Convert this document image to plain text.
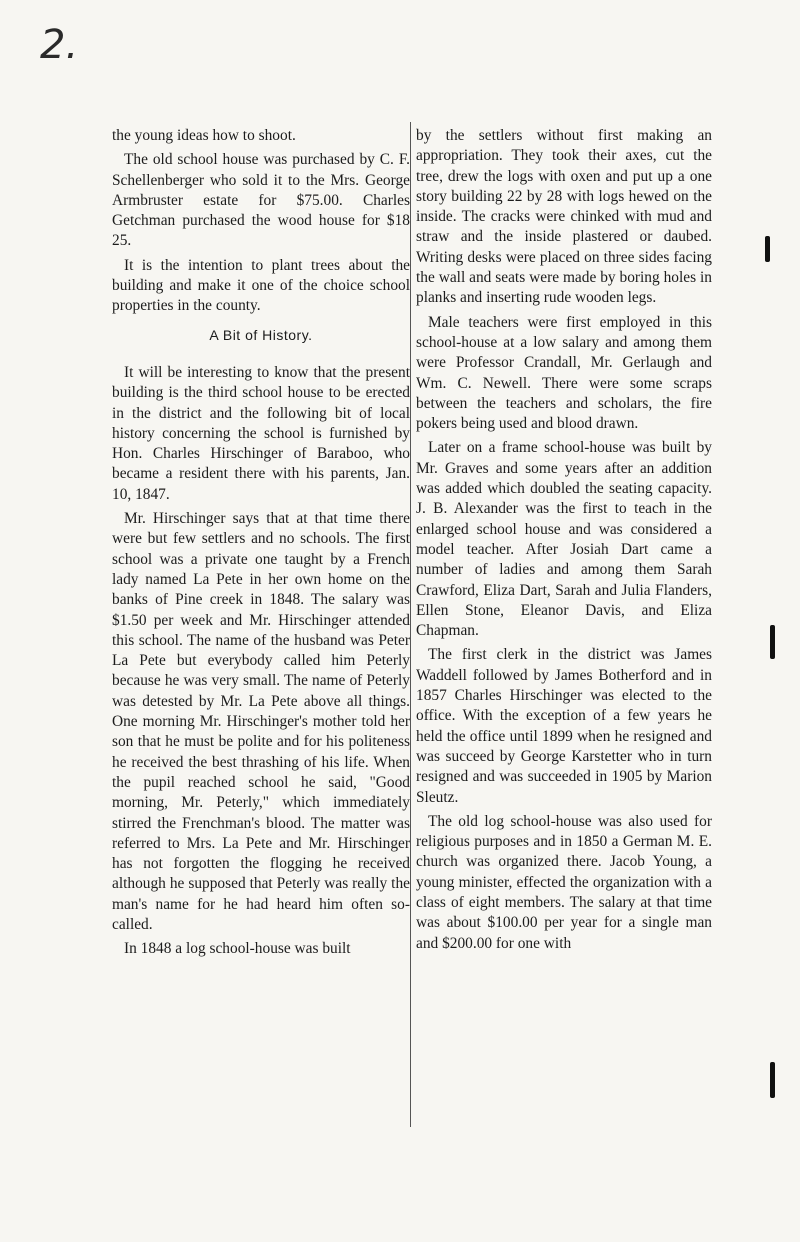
2.

the young ideas how to shoot.

The old school house was purchased by C. F. Schellenberger who sold it to the Mrs. George Armbruster estate for $75.00. Charles Getchman purchased the wood house for $18 25.

It is the intention to plant trees about the building and make it one of the choice school properties in the county.

A Bit of History.

It will be interesting to know that the present building is the third school house to be erected in the district and the following bit of local history concerning the school is furnished by Hon. Charles Hirschinger of Baraboo, who became a resident there with his parents, Jan. 10, 1847.

Mr. Hirschinger says that at that time there were but few settlers and no schools. The first school was a private one taught by a French lady named La Pete in her own home on the banks of Pine creek in 1848. The salary was $1.50 per week and Mr. Hirschinger attended this school. The name of the husband was Peter La Pete but everybody called him Peterly because he was very small. The name of Peterly was detested by Mr. La Pete above all things. One morning Mr. Hirschinger's mother told her son that he must be polite and for his politeness he received the best thrashing of his life. When the pupil reached school he said, "Good morning, Mr. Peterly," which immediately stirred the Frenchman's blood. The matter was referred to Mrs. La Pete and Mr. Hirschinger has not forgotten the flogging he received although he supposed that Peterly was really the man's name for he had heard him often so-called.

In 1848 a log school-house was built

by the settlers without first making an appropriation. They took their axes, cut the tree, drew the logs with oxen and put up a one story building 22 by 28 with logs hewed on the inside. The cracks were chinked with mud and straw and the inside plastered or daubed. Writing desks were placed on three sides facing the wall and seats were made by boring holes in planks and inserting rude wooden legs.

Male teachers were first employed in this school-house at a low salary and among them were Professor Crandall, Mr. Gerlaugh and Wm. C. Newell. There were some scraps between the teachers and scholars, the fire pokers being used and blood drawn.

Later on a frame school-house was built by Mr. Graves and some years after an addition was added which doubled the seating capacity. J. B. Alexander was the first to teach in the enlarged school house and was considered a model teacher. After Josiah Dart came a number of ladies and among them Sarah Crawford, Eliza Dart, Sarah and Julia Flanders, Ellen Stone, Eleanor Davis, and Eliza Chapman.

The first clerk in the district was James Waddell followed by James Botherford and in 1857 Charles Hirschinger was elected to the office. With the exception of a few years he held the office until 1899 when he resigned and was succeed by George Karstetter who in turn resigned and was succeeded in 1905 by Marion Sleutz.

The old log school-house was also used for religious purposes and in 1850 a German M. E. church was organized there. Jacob Young, a young minister, effected the organization with a class of eight members. The salary at that time was about $100.00 per year for a single man and $200.00 for one with
